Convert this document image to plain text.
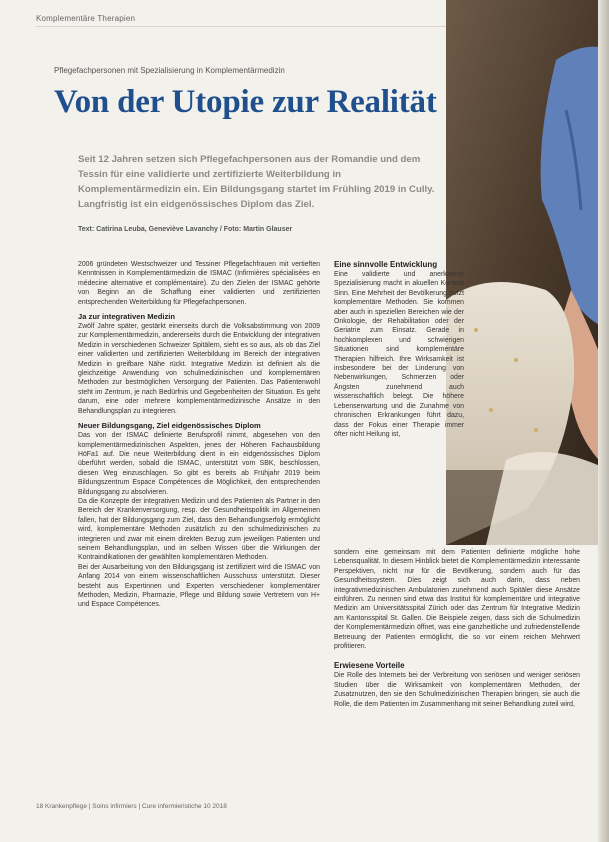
Komplementäre Therapien
Pflegefachpersonen mit Spezialisierung in Komplementärmedizin
Von der Utopie zur Realität

Seit 12 Jahren setzen sich Pflegefachpersonen aus der Romandie und dem Tessin für eine validierte und zertifizierte Weiterbildung in Komplementärmedizin ein. Ein Bildungsgang startet im Frühling 2019 in Cully. Langfristig ist ein eidgenössisches Diplom das Ziel.

Text: Catirina Leuba, Geneviève Lavanchy / Foto: Martin Glauser

2006 gründeten Westschweizer und Tessiner Pflegefachfrauen mit vertieften Kenntnissen in Komplementärmedizin die ISMAC (Infirmières spécialisées en médecine alternative et complémentaire). Zu den Zielen der ISMAC gehörte von Beginn an die Schaffung einer validierten und zertifizierten entsprechenden Weiterbildung für Pflegefachpersonen.

Ja zur integrativen Medizin

Zwölf Jahre später, gestärkt einerseits durch die Volksabstimmung von 2009 zur Komplementärmedizin, andererseits durch die Entwicklung der integrativen Medizin in verschiedenen Schweizer Spitälern, sieht es so aus, als ob das Ziel einer validierten und zertifizierten Weiterbildung im Bereich der integrativen Medizin in greifbare Nähe rückt. Integrative Medizin ist definiert als die gleichzeitige Anwendung von schulmedizinischen und komplementären Methoden zur bestmöglichen Versorgung der Patienten. Das Patientenwohl steht im Zentrum, je nach Bedürfnis und Gegebenheiten der Situation. Es geht darum, eine oder mehrere komplementärmedizinische Ansätze in den Behandlungsplan zu integrieren.

Neuer Bildungsgang, Ziel eidgenössisches Diplom

Das von der ISMAC definierte Berufsprofil nimmt, abgesehen von den komplementärmedizinischen Aspekten, jenes der Höheren Fachausbildung HöFa1 auf. Die neue Weiterbildung dient in ein eidgenössisches Diplom überführt werden, sobald die ISMAC, unterstützt vom SBK, beschlossen, diesen Weg einzuschlagen. So gibt es bereits ab Frühjahr 2019 beim Bildungszentrum Espace Compétences die Möglichkeit, den entsprechenden Bildungsgang zu absolvieren.

Da die Konzepte der integrativen Medizin und des Patienten als Partner in den Bereich der Krankenversorgung, resp. der Gesundheitspolitik im Allgemeinen fallen, hat der Bildungsgang zum Ziel, dass den Behandlungserfolg ermöglicht wird, komplementäre Methoden zusätzlich zu den schulmedizinischen zu integrieren und zwar mit einem direkten Bezug zum jeweiligen Patienten und seinem Behandlungsplan, und im selben Wissen über die Wirkungen der Kontraindikationen der gewählten komplementären Methoden.

Bei der Ausarbeitung von den Bildungsgang ist zertifiziert wird die ISMAC von Anfang 2014 von einem wissenschaftlichen Ausschuss unterstützt. Dieser besteht aus Expertinnen und Experten verschiedener komplementärer Methoden, Medizin, Pharmazie, Pflege und Bildung sowie Vertretern von H+ und Espace Compétences.

Eine sinnvolle Entwicklung

Eine validierte und anerkannte Spezialisierung macht in akuellen Kontext Sinn. Eine Mehrheit der Bevölkerung nutzt komplementäre Methoden. Sie kommen aber auch in speziellen Bereichen wie der Onkologie, der Rehabilitation oder der Geriatrie zum Einsatz. Gerade in hochkomplexen und schwierigen Situationen sind komplementäre Therapien hilfreich. Ihre Wirksamkeit ist insbesondere bei der Linderung von Nebenwirkungen, Schmerzen oder Ängsten zunehmend auch wissenschaftlich belegt. Die höhere Lebenserwartung und die Zunahme von chronischen Erkrankungen führt dazu, dass der Fokus einer Therapie immer öfter nicht Heilung ist,

sondern eine gemeinsam mit dem Patienten definierte mögliche hohe Lebensqualität. In diesem Hinblick bietet die Komplementärmedizin interessante Perspektiven, nicht nur für die Bevölkerung, sondern auch für das Gesundheitssystem. Dies zeigt sich auch darin, dass neben integrativmedizinischen Ambulatorien zunehmend auch Spitäler diese Ansätze einführen. Zu nennen sind etwa das Institut für komplementäre und integrative Medizin am Universitätsspital Zürich oder das Zentrum für Integrative Medizin am Kantonsspital St. Gallen. Die Beispiele zeigen, dass sich die Schulmedizin der Komplementärmedizin öffnet, was eine ganzheitliche und zufriedenstellende Betreuung der Patienten ermöglicht, die so vor einem reichen Mehrwert profitieren.

Erwiesene Vorteile

Die Rolle des Internets bei der Verbreitung von seriösen und weniger seriösen Studien über die Wirksamkeit von komplementären Methoden, der Zusatznutzen, den sie den Schulmedizinischen Therapien bringen, sie auch die Rolle, die dem Patienten im Zusammenhang mit seiner Behandlung zuteil wird,

18 Krankenpflege | Soins infirmiers | Cure infermieristiche 10 2018
